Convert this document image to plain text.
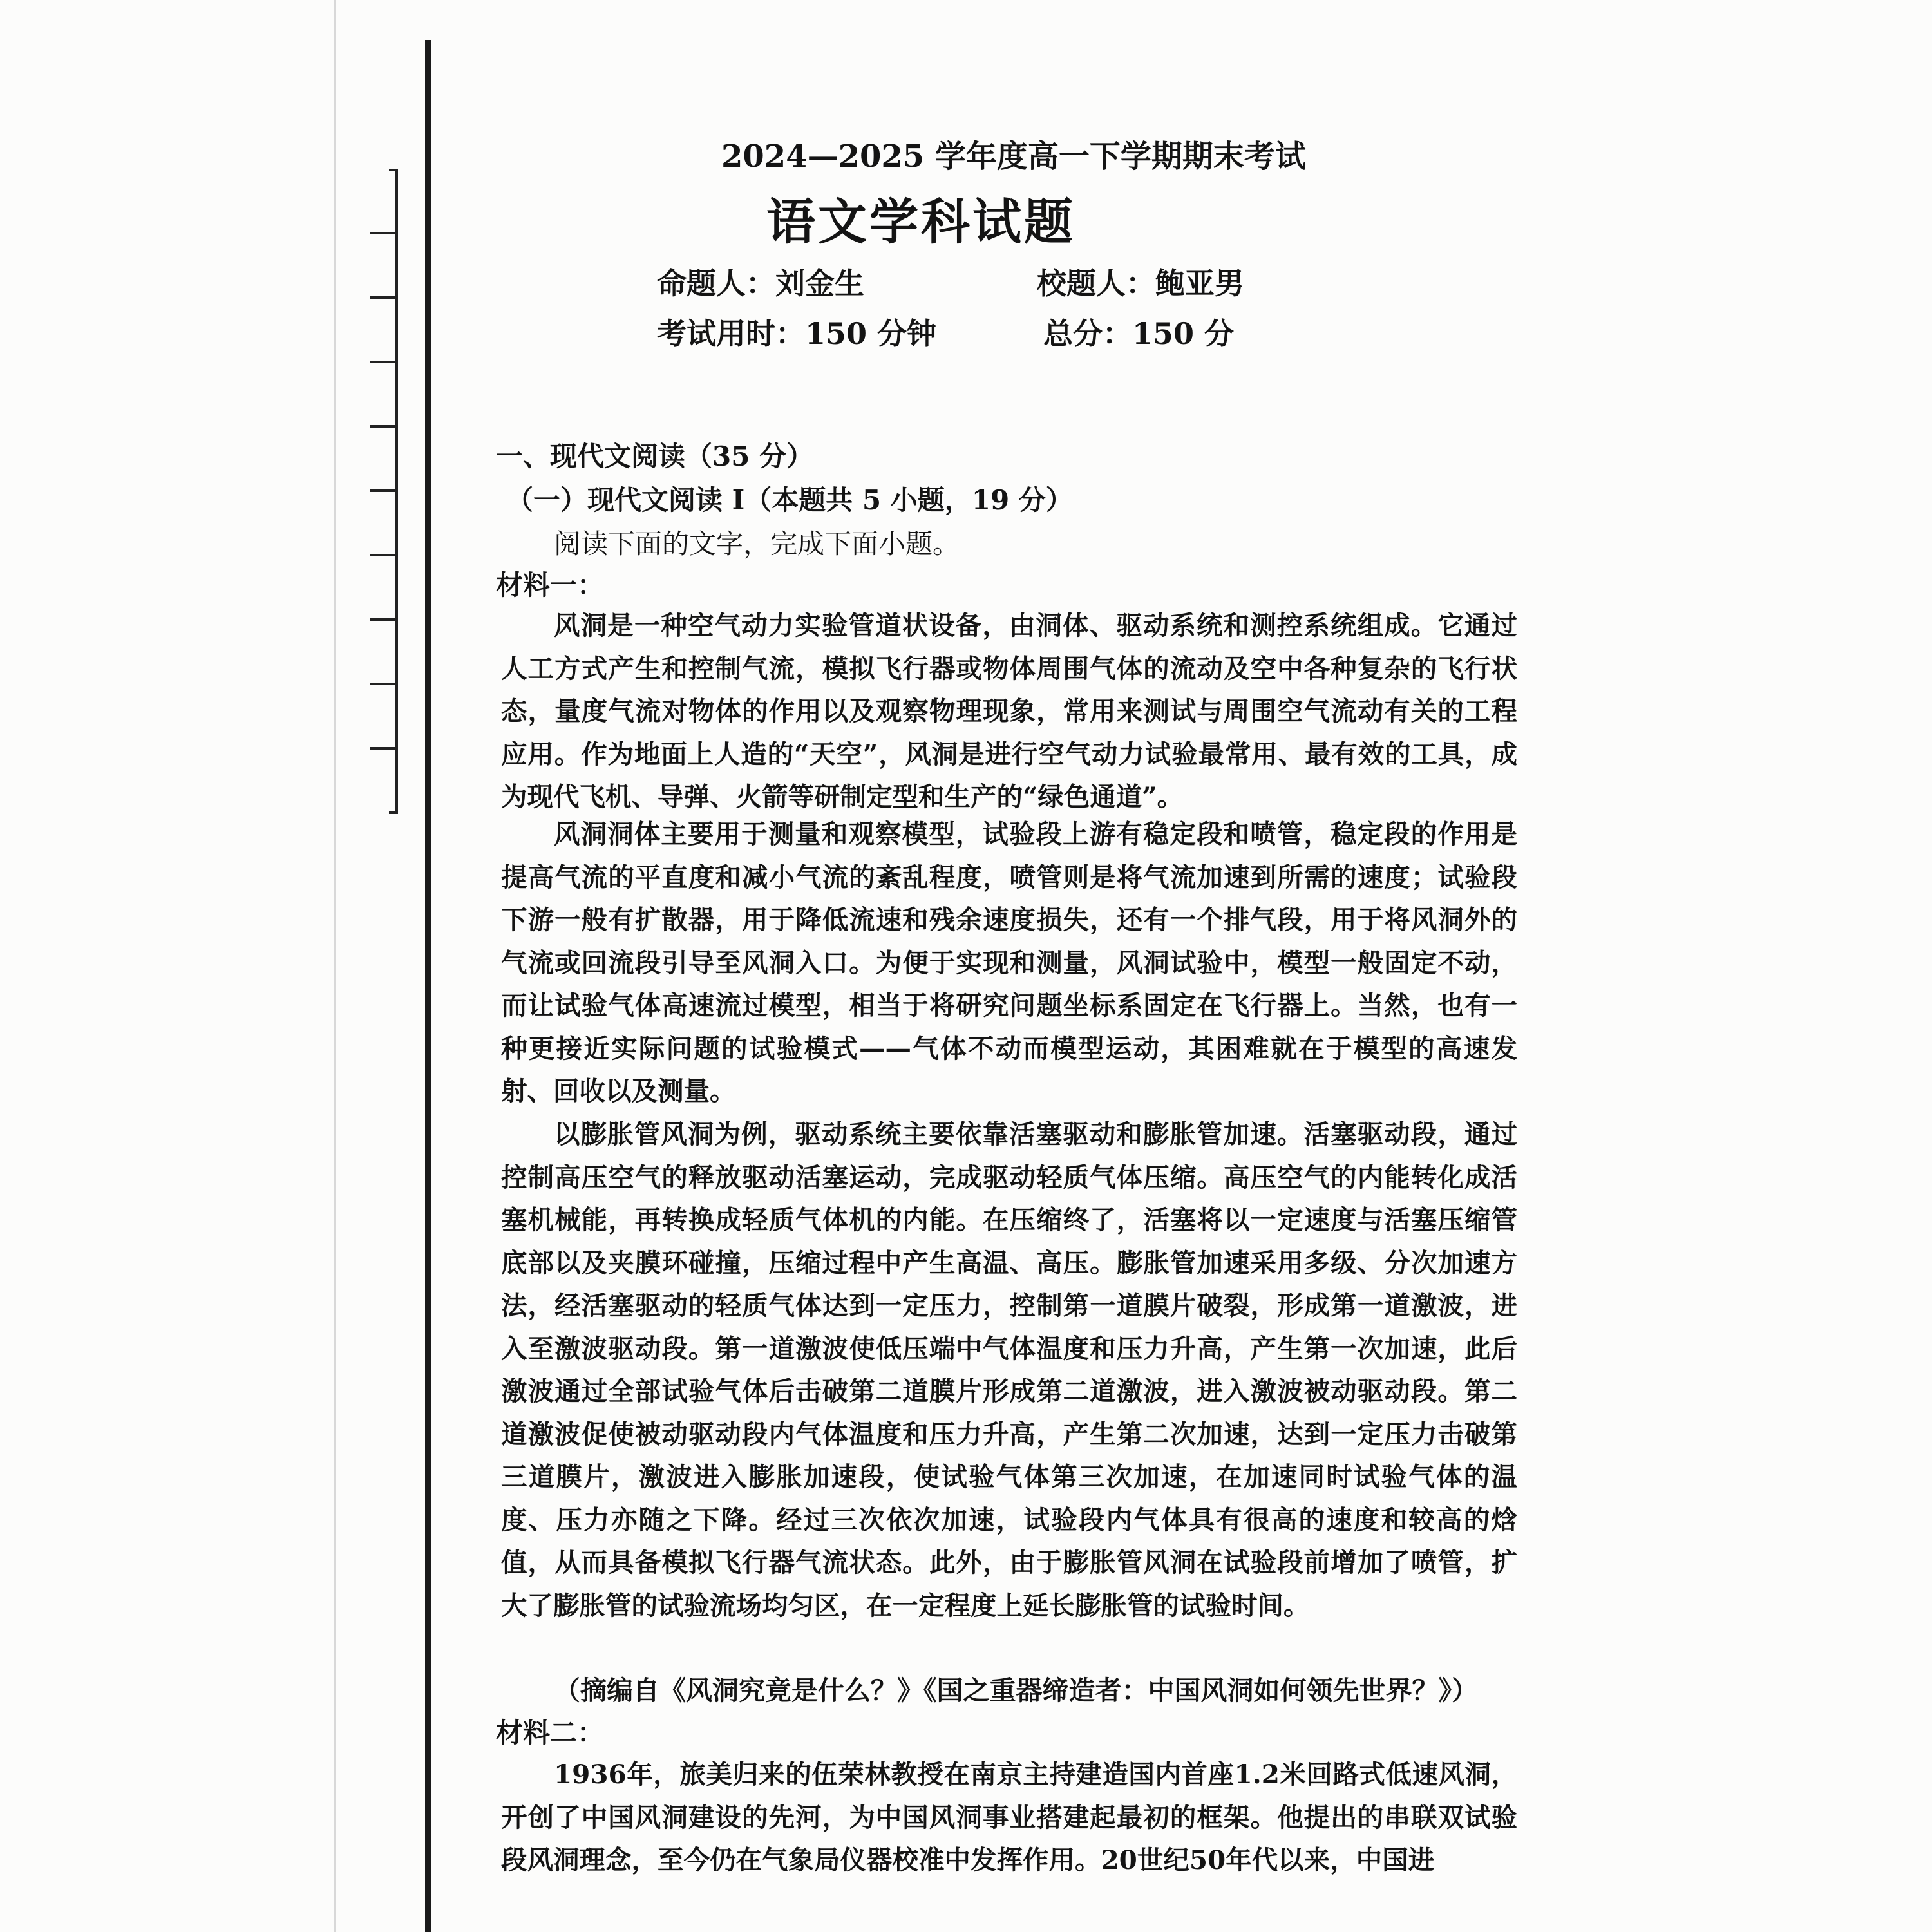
2024—2025 学年度高一下学期期末考试
语文学科试题
命题人：刘金生	校题人：鲍亚男
考试用时：150 分钟	总分：150 分
一、现代文阅读（35 分）
（一）现代文阅读 I（本题共 5 小题，19 分）
阅读下面的文字，完成下面小题。
材料一：

风洞是一种空气动力实验管道状设备，由洞体、驱动系统和测控系统组成。它通过人工方式产生和控制气流，模拟飞行器或物体周围气体的流动及空中各种复杂的飞行状态，量度气流对物体的作用以及观察物理现象，常用来测试与周围空气流动有关的工程应用。作为地面上人造的“天空”，风洞是进行空气动力试验最常用、最有效的工具，成为现代飞机、导弹、火箭等研制定型和生产的“绿色通道”。

风洞洞体主要用于测量和观察模型，试验段上游有稳定段和喷管，稳定段的作用是提高气流的平直度和减小气流的紊乱程度，喷管则是将气流加速到所需的速度；试验段下游一般有扩散器，用于降低流速和残余速度损失，还有一个排气段，用于将风洞外的气流或回流段引导至风洞入口。为便于实现和测量，风洞试验中，模型一般固定不动，而让试验气体高速流过模型，相当于将研究问题坐标系固定在飞行器上。当然，也有一种更接近实际问题的试验模式——气体不动而模型运动，其困难就在于模型的高速发射、回收以及测量。

以膨胀管风洞为例，驱动系统主要依靠活塞驱动和膨胀管加速。活塞驱动段，通过控制高压空气的释放驱动活塞运动，完成驱动轻质气体压缩。高压空气的内能转化成活塞机械能，再转换成轻质气体机的内能。在压缩终了，活塞将以一定速度与活塞压缩管底部以及夹膜环碰撞，压缩过程中产生高温、高压。膨胀管加速采用多级、分次加速方法，经活塞驱动的轻质气体达到一定压力，控制第一道膜片破裂，形成第一道激波，进入至激波驱动段。第一道激波使低压端中气体温度和压力升高，产生第一次加速，此后激波通过全部试验气体后击破第二道膜片形成第二道激波，进入激波被动驱动段。第二道激波促使被动驱动段内气体温度和压力升高，产生第二次加速，达到一定压力击破第三道膜片，激波进入膨胀加速段，使试验气体第三次加速，在加速同时试验气体的温度、压力亦随之下降。经过三次依次加速，试验段内气体具有很高的速度和较高的焓值，从而具备模拟飞行器气流状态。此外，由于膨胀管风洞在试验段前增加了喷管，扩大了膨胀管的试验流场均匀区，在一定程度上延长膨胀管的试验时间。

（摘编自《风洞究竟是什么？》《国之重器缔造者：中国风洞如何领先世界？》）
材料二：

1936年，旅美归来的伍荣林教授在南京主持建造国内首座1.2米回路式低速风洞，开创了中国风洞建设的先河，为中国风洞事业搭建起最初的框架。他提出的串联双试验段风洞理念，至今仍在气象局仪器校准中发挥作用。20世纪50年代以来，中国进
